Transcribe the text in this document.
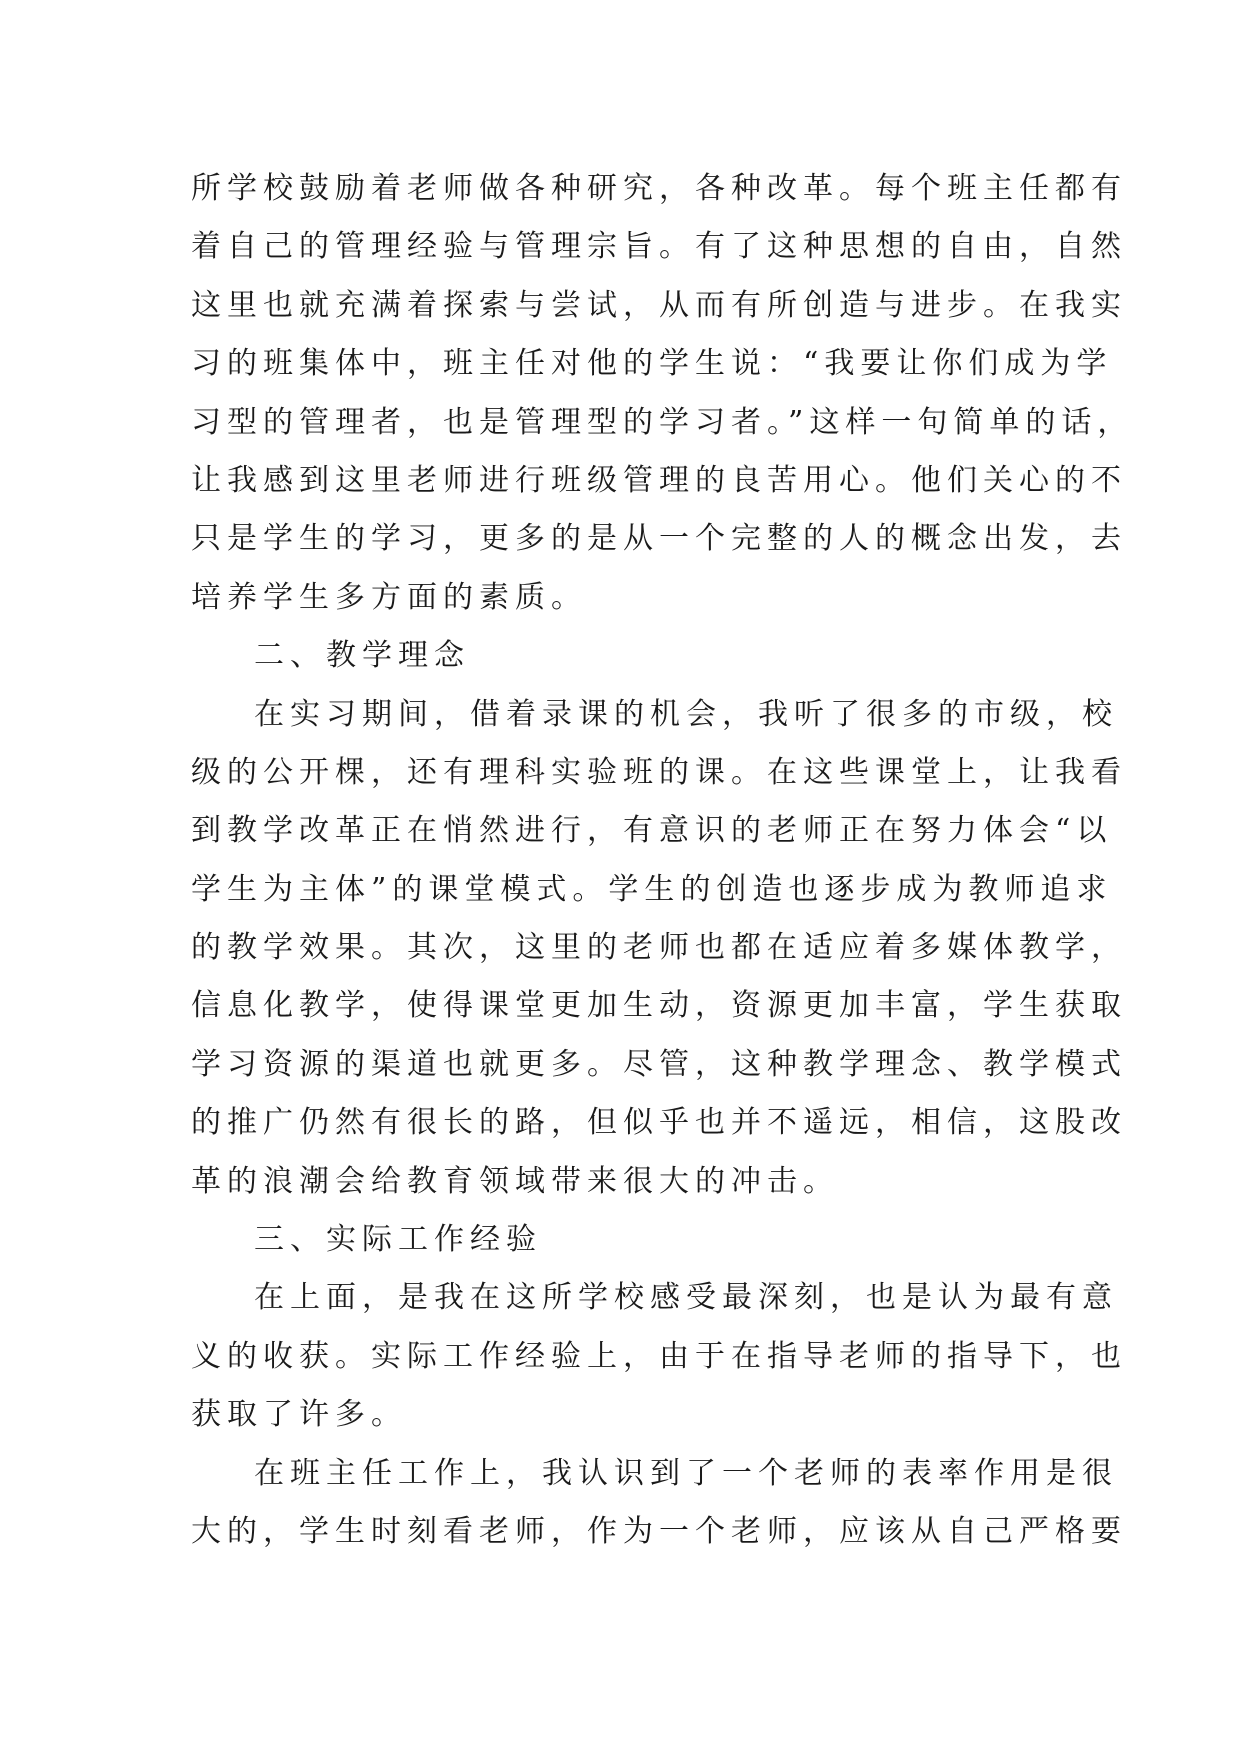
所学校鼓励着老师做各种研究，各种改革。每个班主任都有
着自己的管理经验与管理宗旨。有了这种思想的自由，自然
这里也就充满着探索与尝试，从而有所创造与进步。在我实
习的班集体中，班主任对他的学生说：“我要让你们成为学
习型的管理者，也是管理型的学习者。”这样一句简单的话，
让我感到这里老师进行班级管理的良苦用心。他们关心的不
只是学生的学习，更多的是从一个完整的人的概念出发，去
培养学生多方面的素质。
二、教学理念
在实习期间，借着录课的机会，我听了很多的市级，校
级的公开棵，还有理科实验班的课。在这些课堂上，让我看
到教学改革正在悄然进行，有意识的老师正在努力体会“以
学生为主体”的课堂模式。学生的创造也逐步成为教师追求
的教学效果。其次，这里的老师也都在适应着多媒体教学，
信息化教学，使得课堂更加生动，资源更加丰富，学生获取
学习资源的渠道也就更多。尽管，这种教学理念、教学模式
的推广仍然有很长的路，但似乎也并不遥远，相信，这股改
革的浪潮会给教育领域带来很大的冲击。
三、实际工作经验
在上面，是我在这所学校感受最深刻，也是认为最有意
义的收获。实际工作经验上，由于在指导老师的指导下，也
获取了许多。
在班主任工作上，我认识到了一个老师的表率作用是很
大的，学生时刻看老师，作为一个老师，应该从自己严格要
